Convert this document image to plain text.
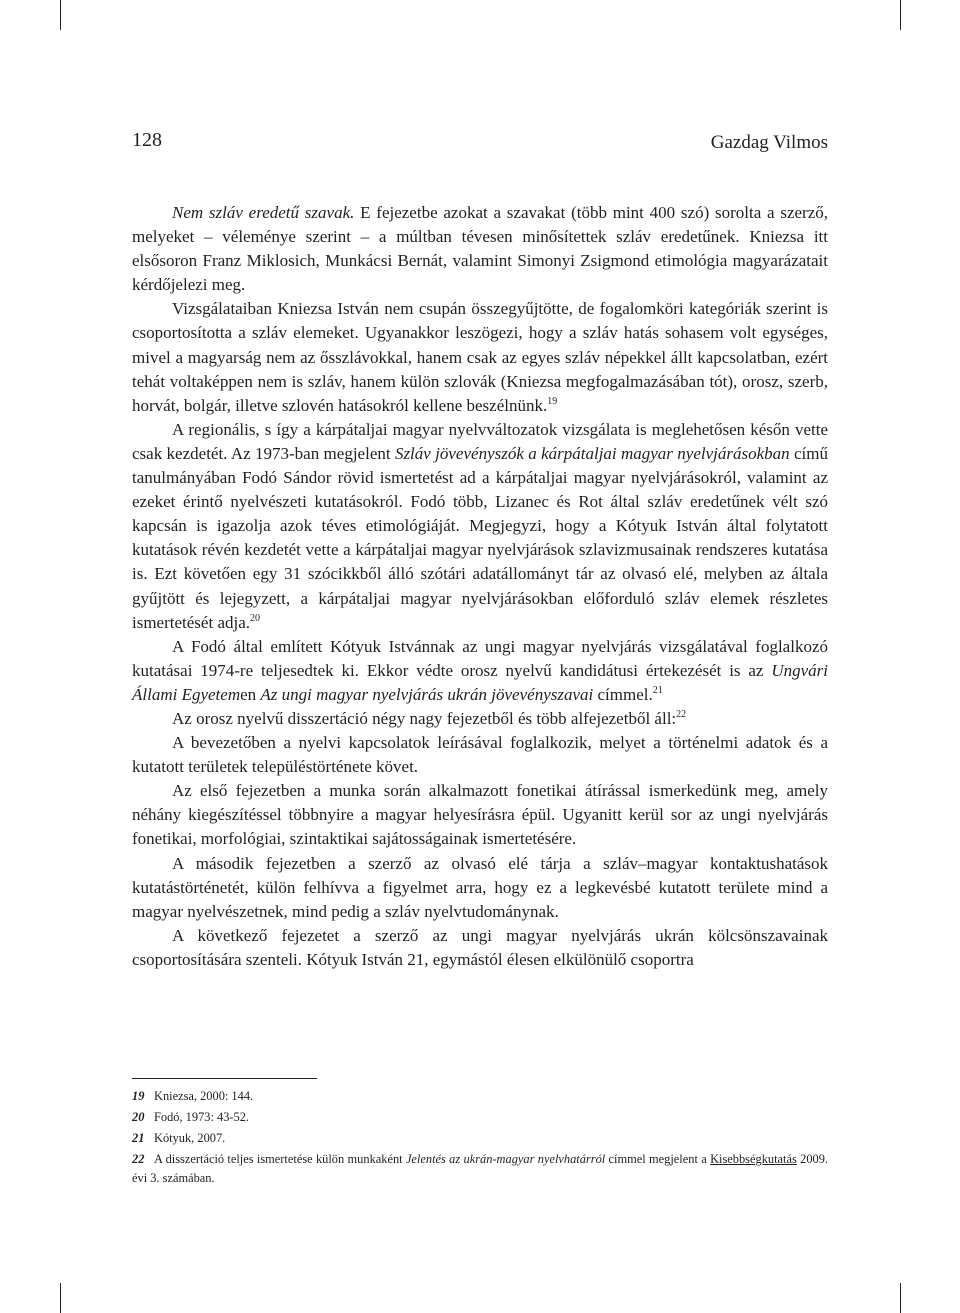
128	Gazdag Vilmos

Nem szláv eredetű szavak. E fejezetbe azokat a szavakat (több mint 400 szó) sorolta a szerző, melyeket – véleménye szerint – a múltban tévesen minősítettek szláv eredetűnek. Kniezsa itt elsősoron Franz Miklosich, Munkácsi Bernát, valamint Simonyi Zsigmond etimológia magyarázatait kérdőjelezi meg.

Vizsgálataiban Kniezsa István nem csupán összegyűjtötte, de fogalomköri kategóriák szerint is csoportosította a szláv elemeket. Ugyanakkor leszögezi, hogy a szláv hatás sohasem volt egységes, mivel a magyarság nem az ősszlávokkal, hanem csak az egyes szláv népekkel állt kapcsolatban, ezért tehát voltaképpen nem is szláv, hanem külön szlovák (Kniezsa megfogalmazásában tót), orosz, szerb, horvát, bolgár, illetve szlovén hatásokról kellene beszélnünk.$^{19}$

A regionális, s így a kárpátaljai magyar nyelvváltozatok vizsgálata is meglehetősen későn vette csak kezdetét. Az 1973-ban megjelent Szláv jövevényszók a kárpátaljai magyar nyelvjárásokban című tanulmányában Fodó Sándor rövid ismertetést ad a kárpátaljai magyar nyelvjárásokról, valamint az ezeket érintő nyelvészeti kutatásokról. Fodó több, Lizanec és Rot által szláv eredetűnek vélt szó kapcsán is igazolja azok téves etimológiáját. Megjegyzi, hogy a Kótyuk István által folytatott kutatások révén kezdetét vette a kárpátaljai magyar nyelvjárások szlavizmusainak rendszeres kutatása is. Ezt követően egy 31 szócikkből álló szótári adatállományt tár az olvasó elé, melyben az általa gyűjtött és lejegyzett, a kárpátaljai magyar nyelvjárásokban előforduló szláv elemek részletes ismertetését adja.$^{20}$

A Fodó által említett Kótyuk Istvánnak az ungi magyar nyelvjárás vizsgálatával foglalkozó kutatásai 1974-re teljesedtek ki. Ekkor védte orosz nyelvű kandidátusi értekezését is az Ungvári Állami Egyetemen Az ungi magyar nyelvjárás ukrán jövevényszavai címmel.$^{21}$

Az orosz nyelvű disszertáció négy nagy fejezetből és több alfejezetből áll:$^{22}$

A bevezetőben a nyelvi kapcsolatok leírásával foglalkozik, melyet a történelmi adatok és a kutatott területek településtörténete követ.

Az első fejezetben a munka során alkalmazott fonetikai átírással ismerkedünk meg, amely néhány kiegészítéssel többnyire a magyar helyesírásra épül. Ugyanitt kerül sor az ungi nyelvjárás fonetikai, morfológiai, szintaktikai sajátosságainak ismertetésére.

A második fejezetben a szerző az olvasó elé tárja a szláv–magyar kontaktushatások kutatástörténetét, külön felhívva a figyelmet arra, hogy ez a legkevésbé kutatott területe mind a magyar nyelvészetnek, mind pedig a szláv nyelvtudománynak.

A következő fejezetet a szerző az ungi magyar nyelvjárás ukrán kölcsönszavainak csoportosítására szenteli. Kótyuk István 21, egymástól élesen elkülönülő csoportra

19 Kniezsa, 2000: 144.
20 Fodó, 1973: 43-52.
21 Kótyuk, 2007.
22 A disszertáció teljes ismertetése külön munkaként Jelentés az ukrán-magyar nyelvhatárról címmel megjelent a Kisebbségkutatás 2009. évi 3. számában.
